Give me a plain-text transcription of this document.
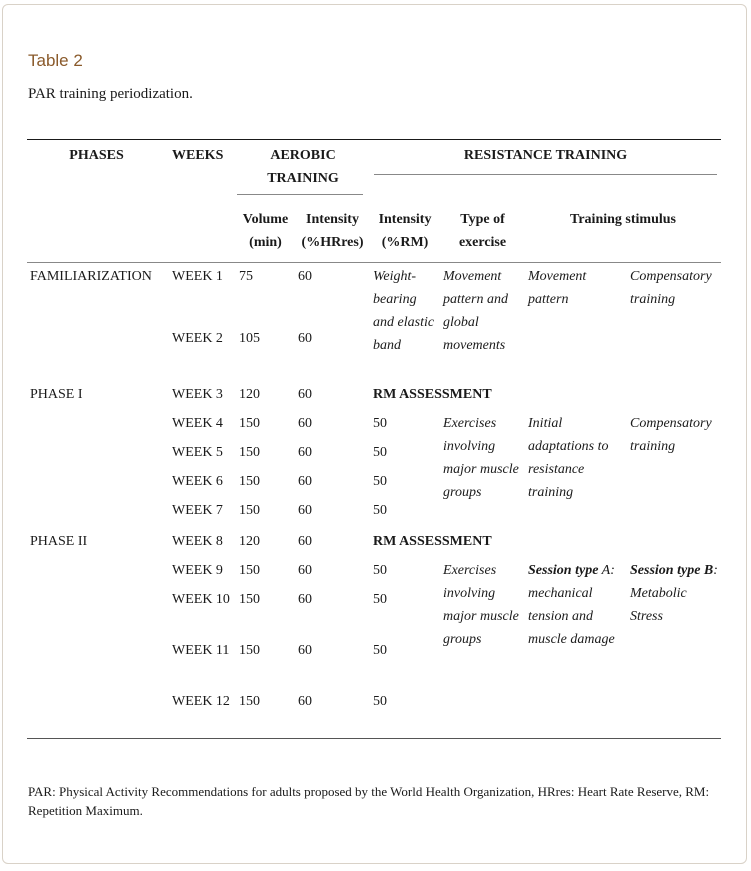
Table 2
PAR training periodization.
PHASES	WEEKS	AEROBIC TRAINING		RESISTANCE TRAINING			
		Volume (min)	Intensity (%HRres)	Intensity (%RM)	Type of exercise	Training stimulus	
FAMILIARIZATION	WEEK 1	75	60	Weight-bearing and elastic band	Movement pattern and global movements	Movement pattern	Compensatory training
	WEEK 2	105	60				
PHASE I	WEEK 3	120	60	RM ASSESSMENT			
	WEEK 4	150	60	50	Exercises involving major muscle groups	Initial adaptations to resistance training	Compensatory training
	WEEK 5	150	60	50			
	WEEK 6	150	60	50			
	WEEK 7	150	60	50			
PHASE II	WEEK 8	120	60	RM ASSESSMENT			
	WEEK 9	150	60	50	Exercises involving major muscle groups	Session type A: mechanical tension and muscle damage	Session type B: Metabolic Stress
	WEEK 10	150	60	50			
	WEEK 11	150	60	50			
	WEEK 12	150	60	50			
PAR: Physical Activity Recommendations for adults proposed by the World Health Organization, HRres: Heart Rate Reserve, RM: Repetition Maximum.
